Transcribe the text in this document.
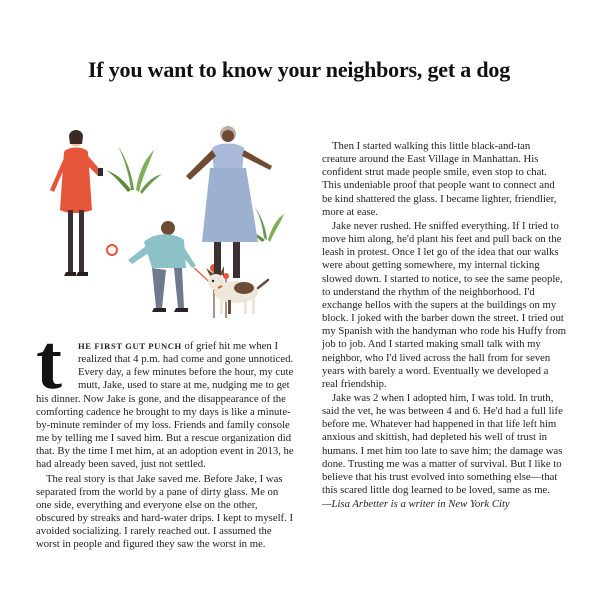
If you want to know your neighbors, get a dog

t	HE FIRST GUT PUNCH of grief hit me when I realized that 4 p.m. had come and gone unnoticed. Every day, a few minutes before the hour, my cute mutt, Jake, used to stare at me, nudging me to get his dinner. Now Jake is gone, and the disappearance of the comforting cadence he brought to my days is like a minute-by-minute reminder of my loss. Friends and family console me by telling me I saved him. But a rescue organization did that. By the time I met him, at an adoption event in 2013, he had already been saved, just not settled.

The real story is that Jake saved me. Before Jake, I was separated from the world by a pane of dirty glass. Me on one side, everything and everyone else on the other, obscured by streaks and hard-water drips. I kept to myself. I avoided socializing. I rarely reached out. I assumed the worst in people and figured they saw the worst in me.

Then I started walking this little black-and-tan creature around the East Village in Manhattan. His confident strut made people smile, even stop to chat. This undeniable proof that people want to connect and be kind shattered the glass. I became lighter, friendlier, more at ease.

Jake never rushed. He sniffed everything. If I tried to move him along, he'd plant his feet and pull back on the leash in protest. Once I let go of the idea that our walks were about getting somewhere, my internal ticking slowed down. I started to notice, to see the same people, to understand the rhythm of the neighborhood. I'd exchange hellos with the supers at the buildings on my block. I joked with the barber down the street. I tried out my Spanish with the handyman who rode his Huffy from job to job. And I started making small talk with my neighbor, who I'd lived across the hall from for seven years with barely a word. Eventually we developed a real friendship.

Jake was 2 when I adopted him, I was told. In truth, said the vet, he was between 4 and 6. He'd had a full life before me. Whatever had happened in that life left him anxious and skittish, had depleted his well of trust in humans. I met him too late to save him; the damage was done. Trusting me was a matter of survival. But I like to believe that his trust evolved into something else—that this scared little dog learned to be loved, same as me.

—Lisa Arbetter is a writer in New York City
